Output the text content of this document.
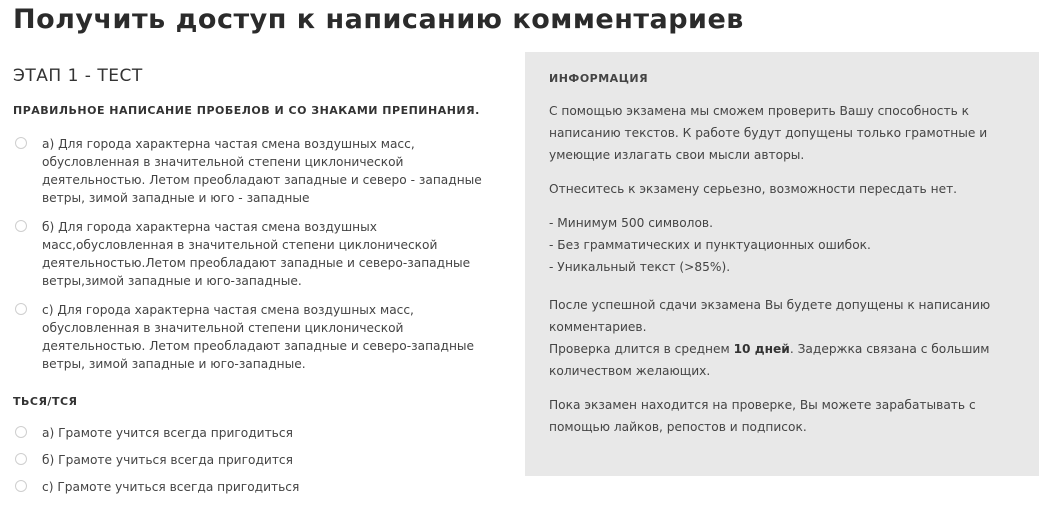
Получить доступ к написанию комментариев
ЭТАП 1 - ТЕСТ
ПРАВИЛЬНОЕ НАПИСАНИЕ ПРОБЕЛОВ И СО ЗНАКАМИ ПРЕПИНАНИЯ.
a) Для города характерна частая смена воздушных масс, обусловленная в значительной степени циклонической деятельностью. Летом преобладают западные и северо - западные ветры, зимой западные и юго - западные
б) Для города характерна частая смена воздушных масс,обусловленная в значительной степени циклонической деятельностью.Летом преобладают западные и северо-западные ветры,зимой западные и юго-западные.
c) Для города характерна частая смена воздушных масс, обусловленная в значительной степени циклонической деятельностью. Летом преобладают западные и северо-западные ветры, зимой западные и юго-западные.
ТЬСЯ/ТСЯ
а) Грамоте учится всегда пригодиться
б) Грамоте учиться всегда пригодится
c) Грамоте учиться всегда пригодиться
ИНФОРМАЦИЯ

С помощью экзамена мы сможем проверить Вашу способность к написанию текстов. К работе будут допущены только грамотные и умеющие излагать свои мысли авторы.

Отнеситесь к экзамену серьезно, возможности пересдать нет.

- Минимум 500 символов.
- Без грамматических и пунктуационных ошибок.
- Уникальный текст (>85%).

После успешной сдачи экзамена Вы будете допущены к написанию комментариев.

Проверка длится в среднем 10 дней. Задержка связана с большим количеством желающих.

Пока экзамен находится на проверке, Вы можете зарабатывать с помощью лайков, репостов и подписок.
